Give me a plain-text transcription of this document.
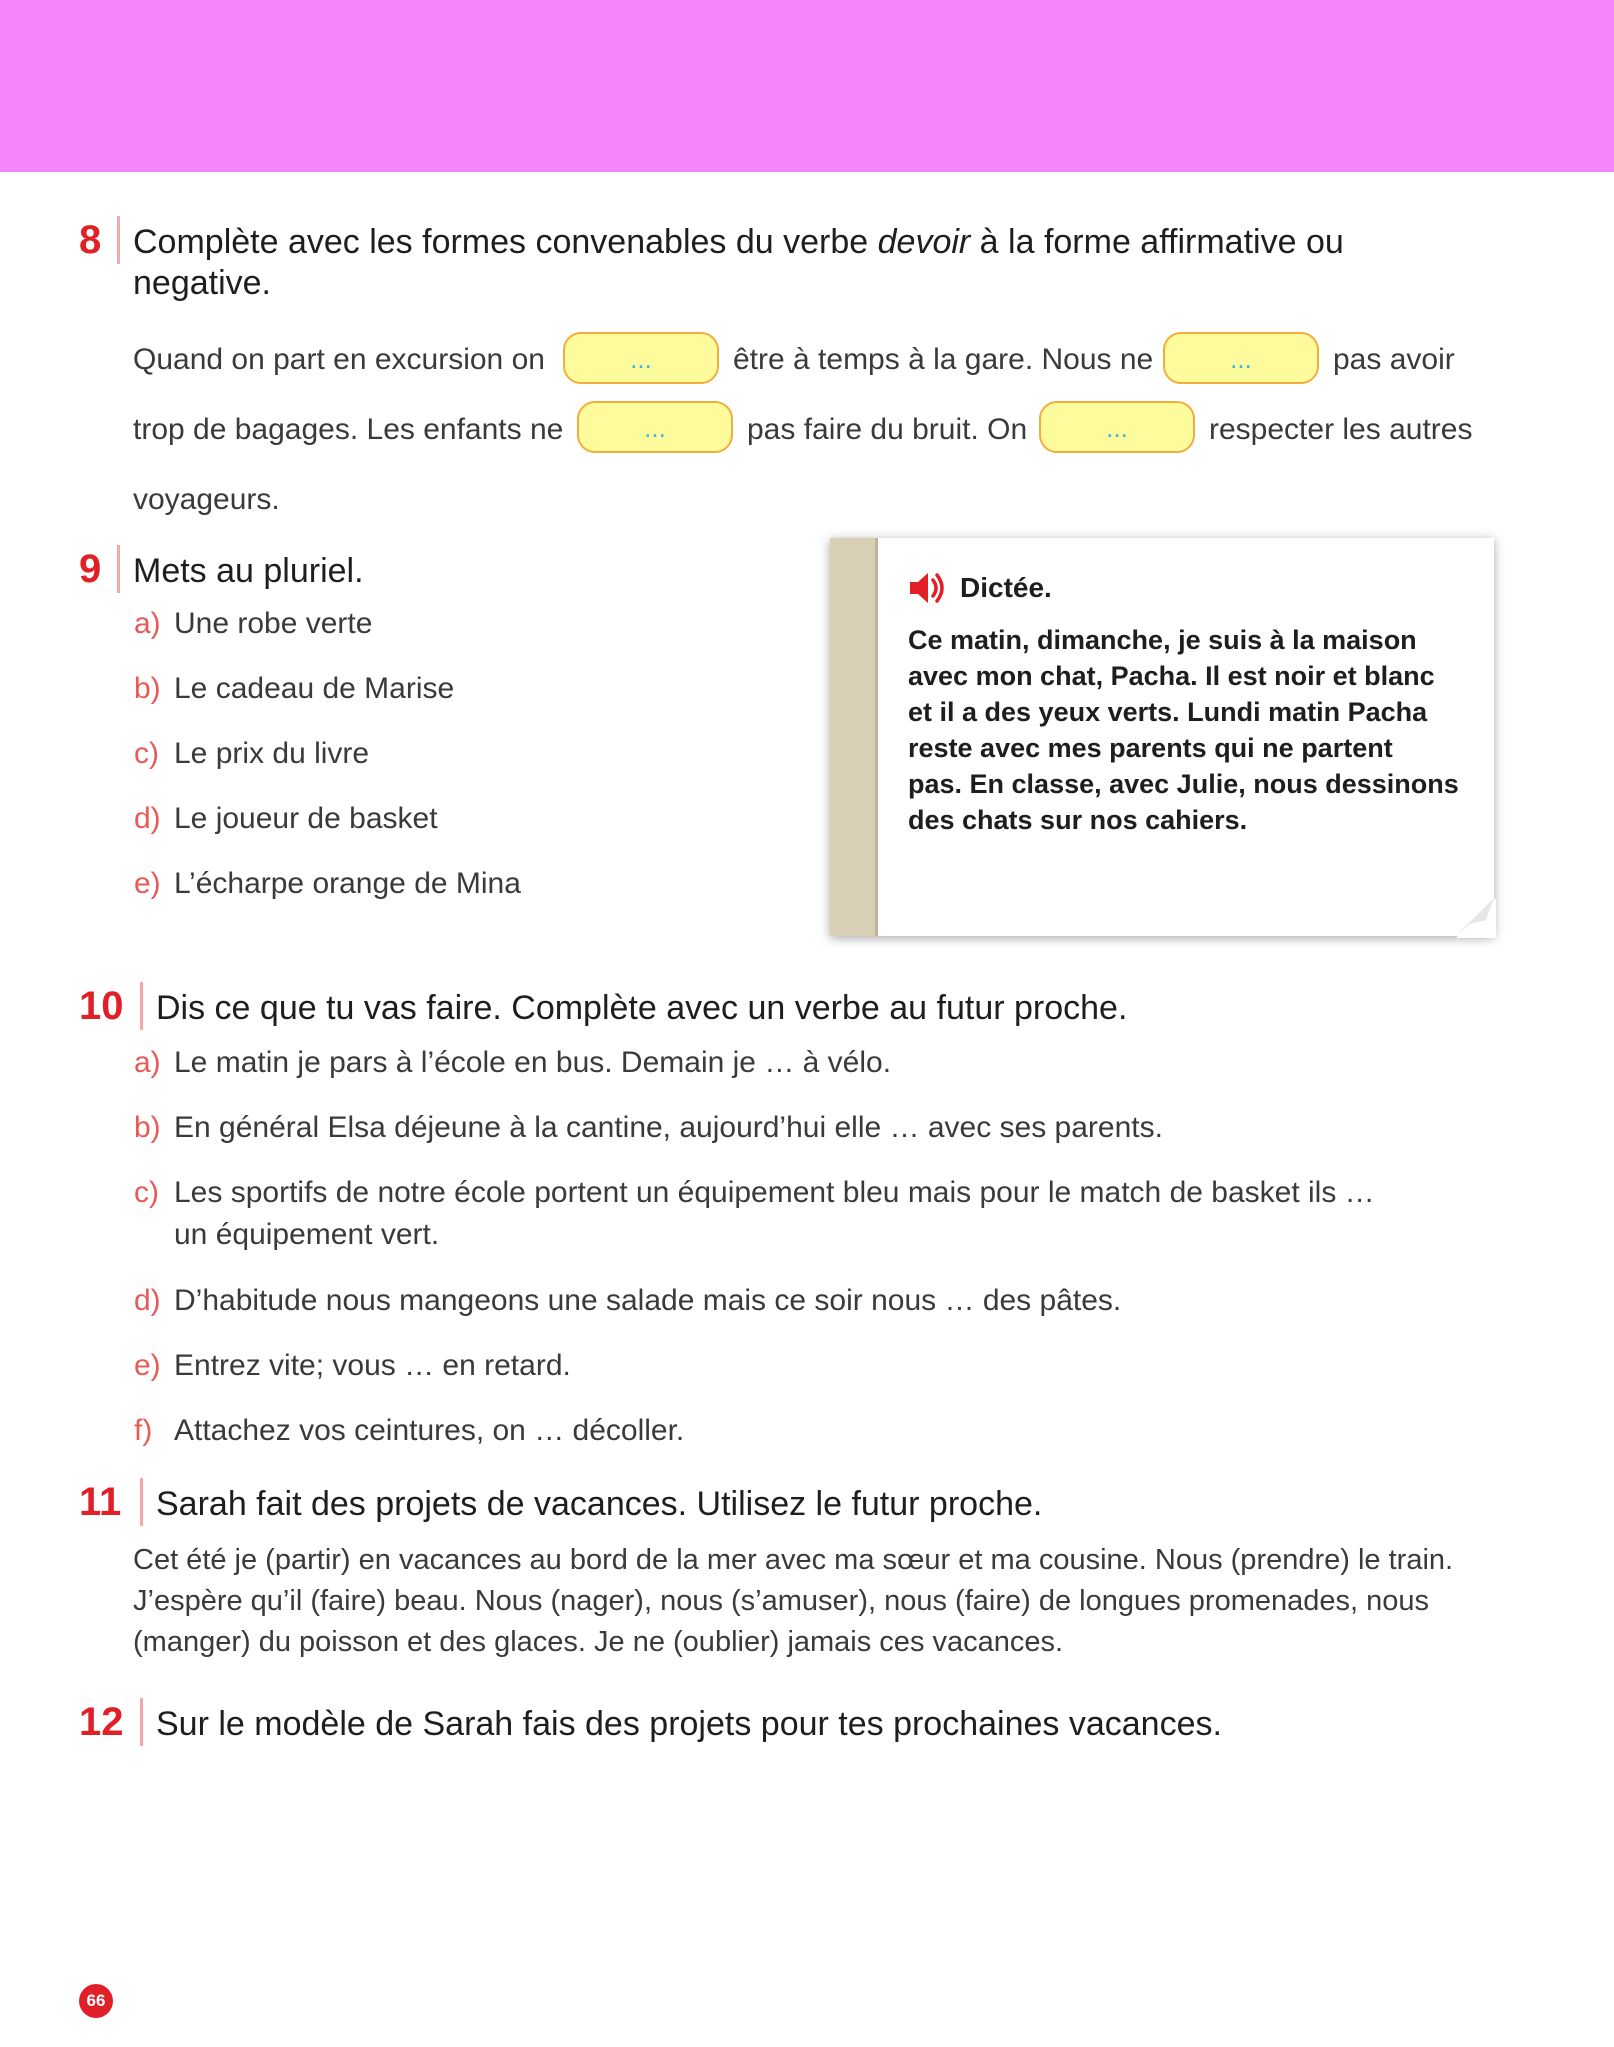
8 Complète avec les formes convenables du verbe devoir à la forme affirmative ou
negative.
Quand on part en excursion on	...	être à temps à la gare. Nous ne	...	pas avoir
trop de bagages. Les enfants ne	...	pas faire du bruit. On	...	respecter les autres
voyageurs.
9 Mets au pluriel.
a) Une robe verte
b) Le cadeau de Marise
c) Le prix du livre
d) Le joueur de basket
e) L’écharpe orange de Mina
Dictée.
Ce matin, dimanche, je suis à la maison
avec mon chat, Pacha. Il est noir et blanc
et il a des yeux verts. Lundi matin Pacha
reste avec mes parents qui ne partent
pas. En classe, avec Julie, nous dessinons
des chats sur nos cahiers.
10 Dis ce que tu vas faire. Complète avec un verbe au futur proche.
a) Le matin je pars à l’école en bus. Demain je … à vélo.
b) En général Elsa déjeune à la cantine, aujourd’hui elle … avec ses parents.
c) Les sportifs de notre école portent un équipement bleu mais pour le match de basket ils …
un équipement vert.
d) D’habitude nous mangeons une salade mais ce soir nous … des pâtes.
e) Entrez vite; vous … en retard.
f) Attachez vos ceintures, on … décoller.
11 Sarah fait des projets de vacances. Utilisez le futur proche.
Cet été je (partir) en vacances au bord de la mer avec ma sœur et ma cousine. Nous (prendre) le train.
J’espère qu’il (faire) beau. Nous (nager), nous (s’amuser), nous (faire) de longues promenades, nous
(manger) du poisson et des glaces. Je ne (oublier) jamais ces vacances.
12 Sur le modèle de Sarah fais des projets pour tes prochaines vacances.
66
